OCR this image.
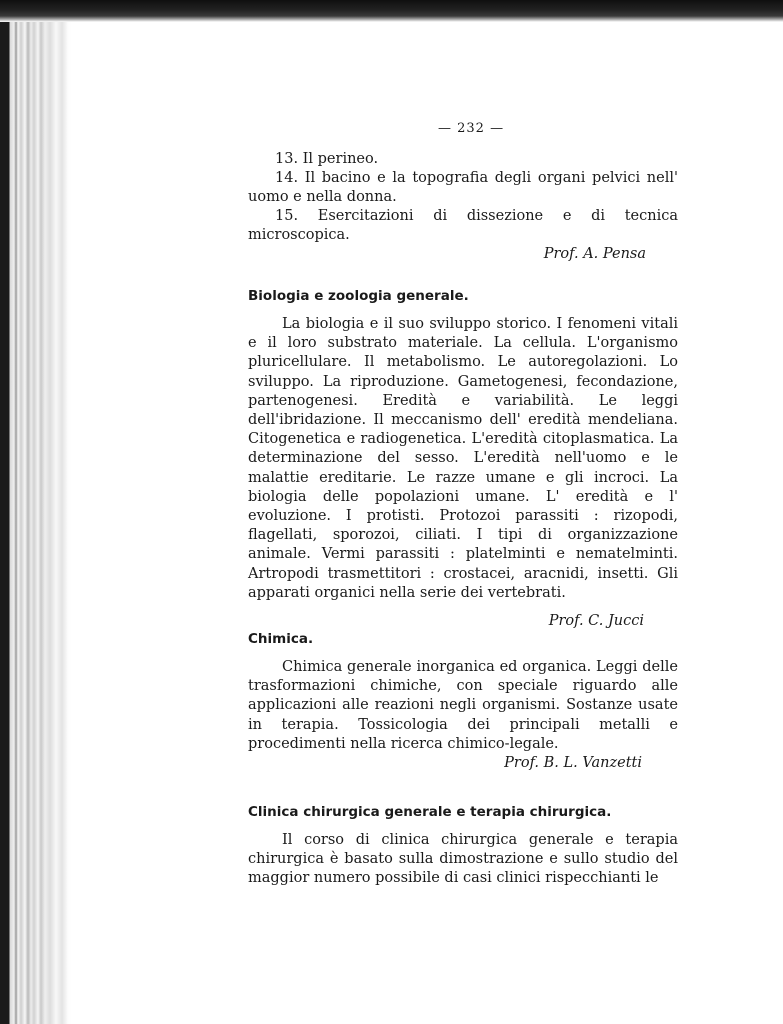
— 232 —
13. Il perineo.
14. Il bacino e la topografia degli organi pelvici nell' uomo e nella donna.
15. Esercitazioni di dissezione e di tecnica microscopica.
Prof. A. Pensa
Biologia e zoologia generale.

La biologia e il suo sviluppo storico. I fenomeni vitali e il loro substrato materiale. La cellula. L'organismo pluricellulare. Il metabolismo. Le autoregolazioni. Lo sviluppo. La riproduzione. Gametogenesi, fecondazione, partenogenesi. Eredità e variabilità. Le leggi dell'ibridazione. Il meccanismo dell' eredità mendeliana. Citogenetica e radiogenetica. L'eredità citoplasmatica. La determinazione del sesso. L'eredità nell'uomo e le malattie ereditarie. Le razze umane e gli incroci. La biologia delle popolazioni umane. L' eredità e l' evoluzione. I protisti. Protozoi parassiti : rizopodi, flagellati, sporozoi, ciliati. I tipi di organizzazione animale. Vermi parassiti : platelminti e nematelminti. Artropodi trasmettitori : crostacei, aracnidi, insetti. Gli apparati organici nella serie dei vertebrati.

Prof. C. Jucci
Chimica.

Chimica generale inorganica ed organica. Leggi delle trasformazioni chimiche, con speciale riguardo alle applicazioni alle reazioni negli organismi. Sostanze usate in terapia. Tossicologia dei principali metalli e procedimenti nella ricerca chimico-legale.

Prof. B. L. Vanzetti
Clinica chirurgica generale e terapia chirurgica.

Il corso di clinica chirurgica generale e terapia chirurgica è basato sulla dimostrazione e sullo studio del maggior numero possibile di casi clinici rispecchianti le
